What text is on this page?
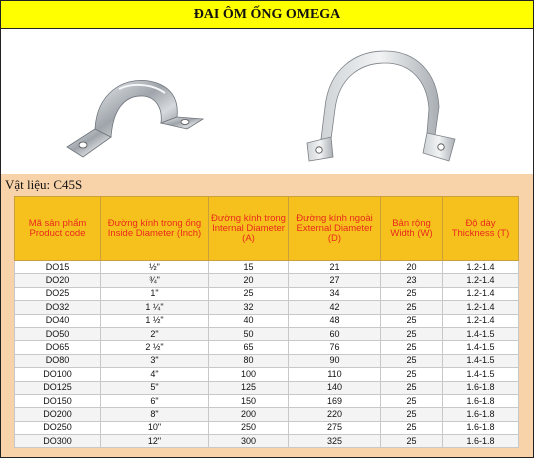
ĐAI ÔM ỐNG OMEGA
Vật liệu: C45S
Mã sản phẩm Product code	Đường kính trong ống Inside Diameter (Inch)	Đường kính trong Internal Diameter (A)	Đường kính ngoài External Diameter (D)	Bản rộng Width (W)	Độ dày Thickness (T)
DO15	½"	15	21	20	1.2-1.4
DO20	¾"	20	27	23	1.2-1.4
DO25	1"	25	34	25	1.2-1.4
DO32	1 ¼"	32	42	25	1.2-1.4
DO40	1 ½"	40	48	25	1.2-1.4
DO50	2"	50	60	25	1.4-1.5
DO65	2 ½"	65	76	25	1.4-1.5
DO80	3"	80	90	25	1.4-1.5
DO100	4"	100	110	25	1.4-1.5
DO125	5"	125	140	25	1.6-1.8
DO150	6"	150	169	25	1.6-1.8
DO200	8"	200	220	25	1.6-1.8
DO250	10"	250	275	25	1.6-1.8
DO300	12"	300	325	25	1.6-1.8
